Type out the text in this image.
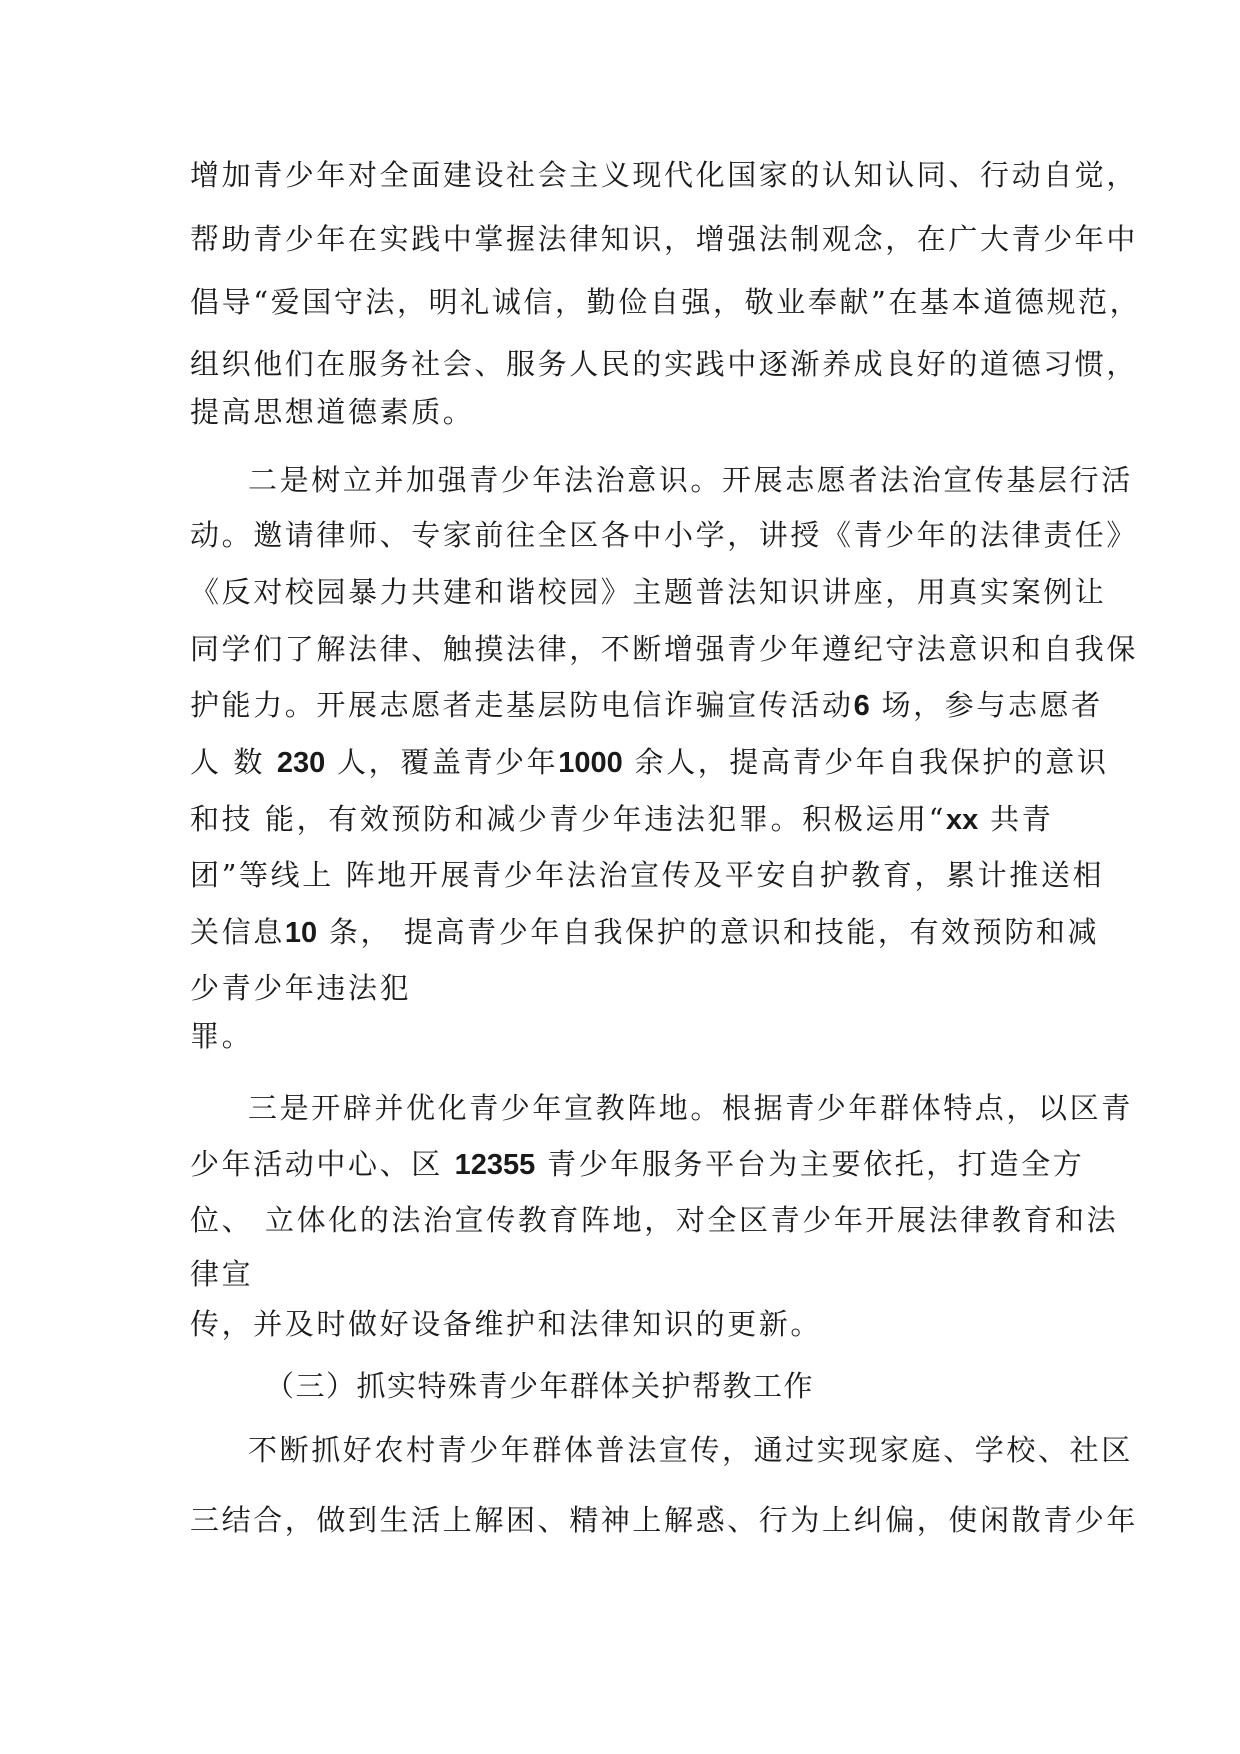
增加青少年对全面建设社会主义现代化国家的认知认同、行动自觉，
帮助青少年在实践中掌握法律知识，增强法制观念，在广大青少年中
倡导“爱国守法，明礼诚信，勤俭自强，敬业奉献”在基本道德规范，
组织他们在服务社会、服务人民的实践中逐渐养成良好的道德习惯，
提高思想道德素质。
二是树立并加强青少年法治意识。开展志愿者法治宣传基层行活
动。邀请律师、专家前往全区各中小学，讲授《青少年的法律责任》
《反对校园暴力共建和谐校园》主题普法知识讲座，用真实案例让
同学们了解法律、触摸法律，不断增强青少年遵纪守法意识和自我保
护能力。开展志愿者走基层防电信诈骗宣传活动6 场，参与志愿者
人 数 230 人，覆盖青少年1000 余人，提高青少年自我保护的意识
和技 能，有效预防和减少青少年违法犯罪。积极运用“xx 共青
团”等线上 阵地开展青少年法治宣传及平安自护教育，累计推送相
关信息10 条， 提高青少年自我保护的意识和技能，有效预防和减
少青少年违法犯
罪。
三是开辟并优化青少年宣教阵地。根据青少年群体特点，以区青
少年活动中心、区 12355 青少年服务平台为主要依托，打造全方
位、 立体化的法治宣传教育阵地，对全区青少年开展法律教育和法
律宣
传，并及时做好设备维护和法律知识的更新。
（三）抓实特殊青少年群体关护帮教工作
不断抓好农村青少年群体普法宣传，通过实现家庭、学校、社区
三结合，做到生活上解困、精神上解惑、行为上纠偏，使闲散青少年
